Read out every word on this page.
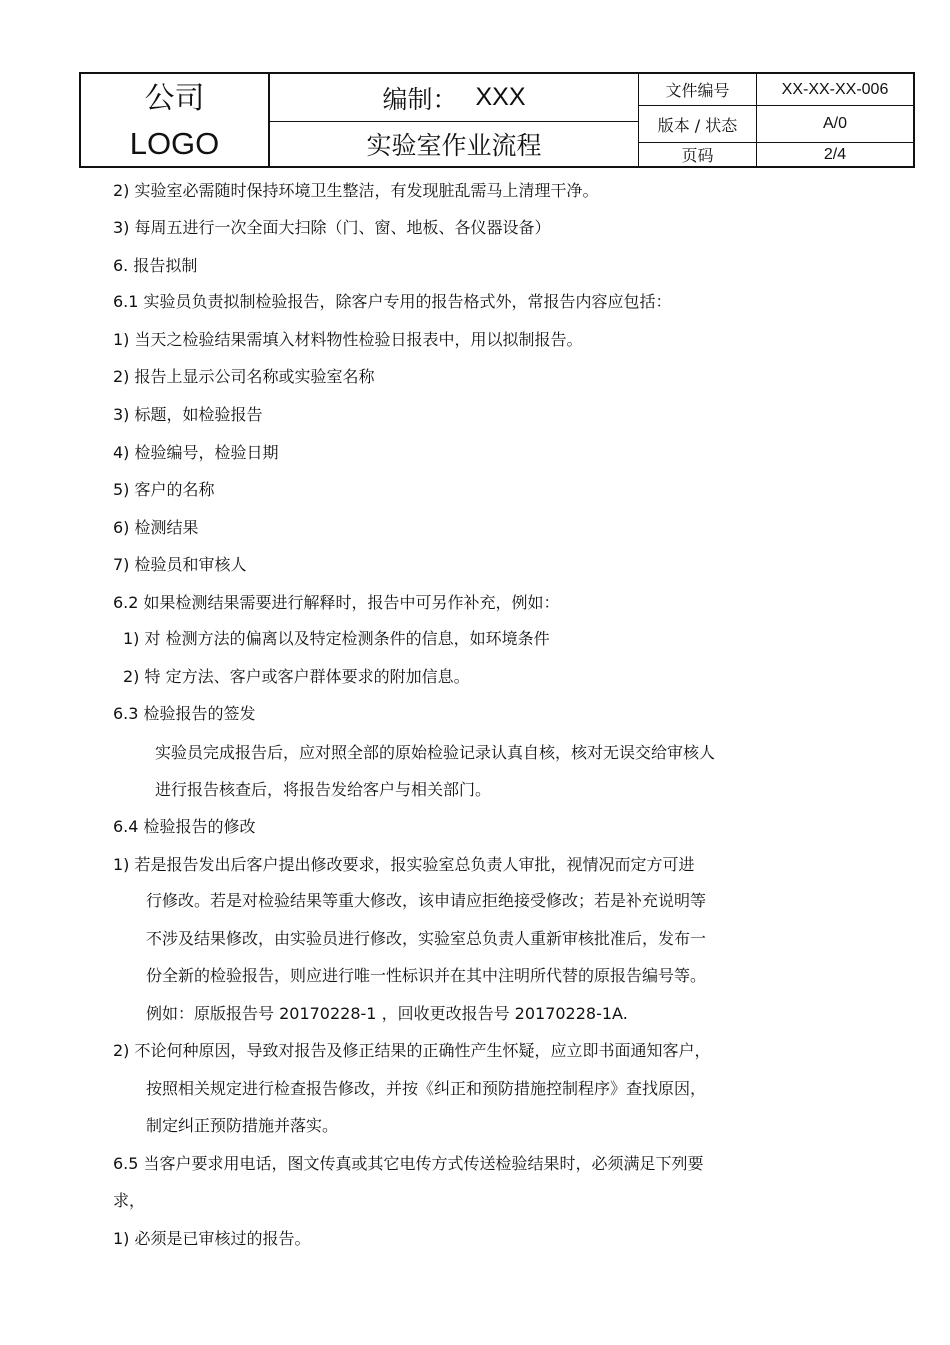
公司
LOGO
编制： XXX
实验室作业流程
文件编号	XX-XX-XX-006
版本 / 状态	A/0
页码	2/4
2) 实验室必需随时保持环境卫生整洁，有发现脏乱需马上清理干净。
3) 每周五进行一次全面大扫除（门、窗、地板、各仪器设备）
6. 报告拟制
6.1 实验员负责拟制检验报告，除客户专用的报告格式外，常报告内容应包括：
1) 当天之检验结果需填入材料物性检验日报表中，用以拟制报告。
2) 报告上显示公司名称或实验室名称
3) 标题，如检验报告
4) 检验编号，检验日期
5) 客户的名称
6) 检测结果
7) 检验员和审核人
6.2 如果检测结果需要进行解释时，报告中可另作补充，例如：
1) 对 检测方法的偏离以及特定检测条件的信息，如环境条件
2) 特 定方法、客户或客户群体要求的附加信息。
6.3 检验报告的签发
实验员完成报告后，应对照全部的原始检验记录认真自核，核对无误交给审核人
进行报告核查后，将报告发给客户与相关部门。
6.4 检验报告的修改
1) 若是报告发出后客户提出修改要求，报实验室总负责人审批，视情况而定方可进
行修改。若是对检验结果等重大修改，该申请应拒绝接受修改；若是补充说明等
不涉及结果修改，由实验员进行修改，实验室总负责人重新审核批准后，发布一
份全新的检验报告，则应进行唯一性标识并在其中注明所代替的原报告编号等。
例如：原版报告号 20170228-1 ，回收更改报告号 20170228-1A.
2) 不论何种原因，导致对报告及修正结果的正确性产生怀疑，应立即书面通知客户，
按照相关规定进行检查报告修改，并按《纠正和预防措施控制程序》查找原因，
制定纠正预防措施并落实。
6.5 当客户要求用电话，图文传真或其它电传方式传送检验结果时，必须满足下列要
求，
1) 必须是已审核过的报告。
